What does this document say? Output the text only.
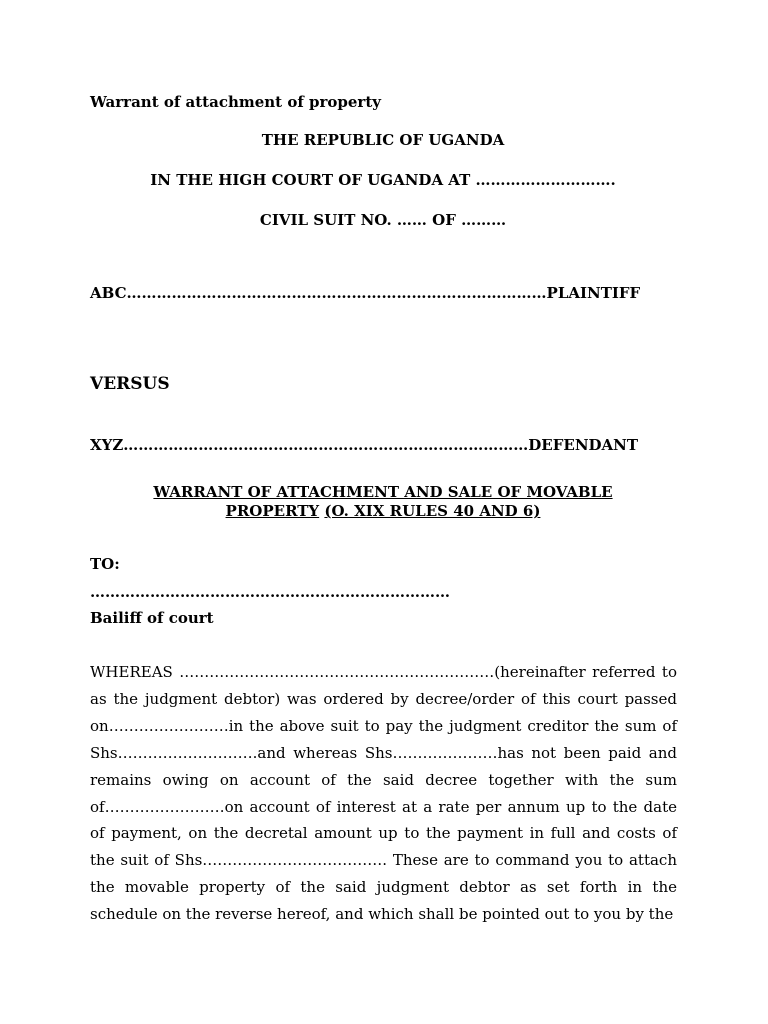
Warrant of attachment of property
THE REPUBLIC OF UGANDA
IN THE HIGH COURT OF UGANDA AT ……………………….
CIVIL SUIT NO. …… OF ………
ABC…………………………………………………………………………PLAINTIFF
VERSUS
XYZ………………………………………………………………………DEFENDANT
WARRANT OF ATTACHMENT AND SALE OF MOVABLE
PROPERTY (O. XIX RULES 40 AND 6)
TO:
………………………………………………………………
Bailiff of court
WHEREAS ………………………………………………………(hereinafter referred to as the judgment debtor) was ordered by decree/order of this court passed on……………………in the above suit to pay the judgment creditor the sum of Shs……………………….and whereas Shs…………………has not been paid and remains owing on account of the said decree together with the sum of……………………on account of interest at a rate per annum up to the date of payment, on the decretal amount up to the payment in full and costs of the suit of Shs………………………………. These are to command you to attach the movable property of the said judgment debtor as set forth in the schedule on the reverse hereof, and which shall be pointed out to you by the
